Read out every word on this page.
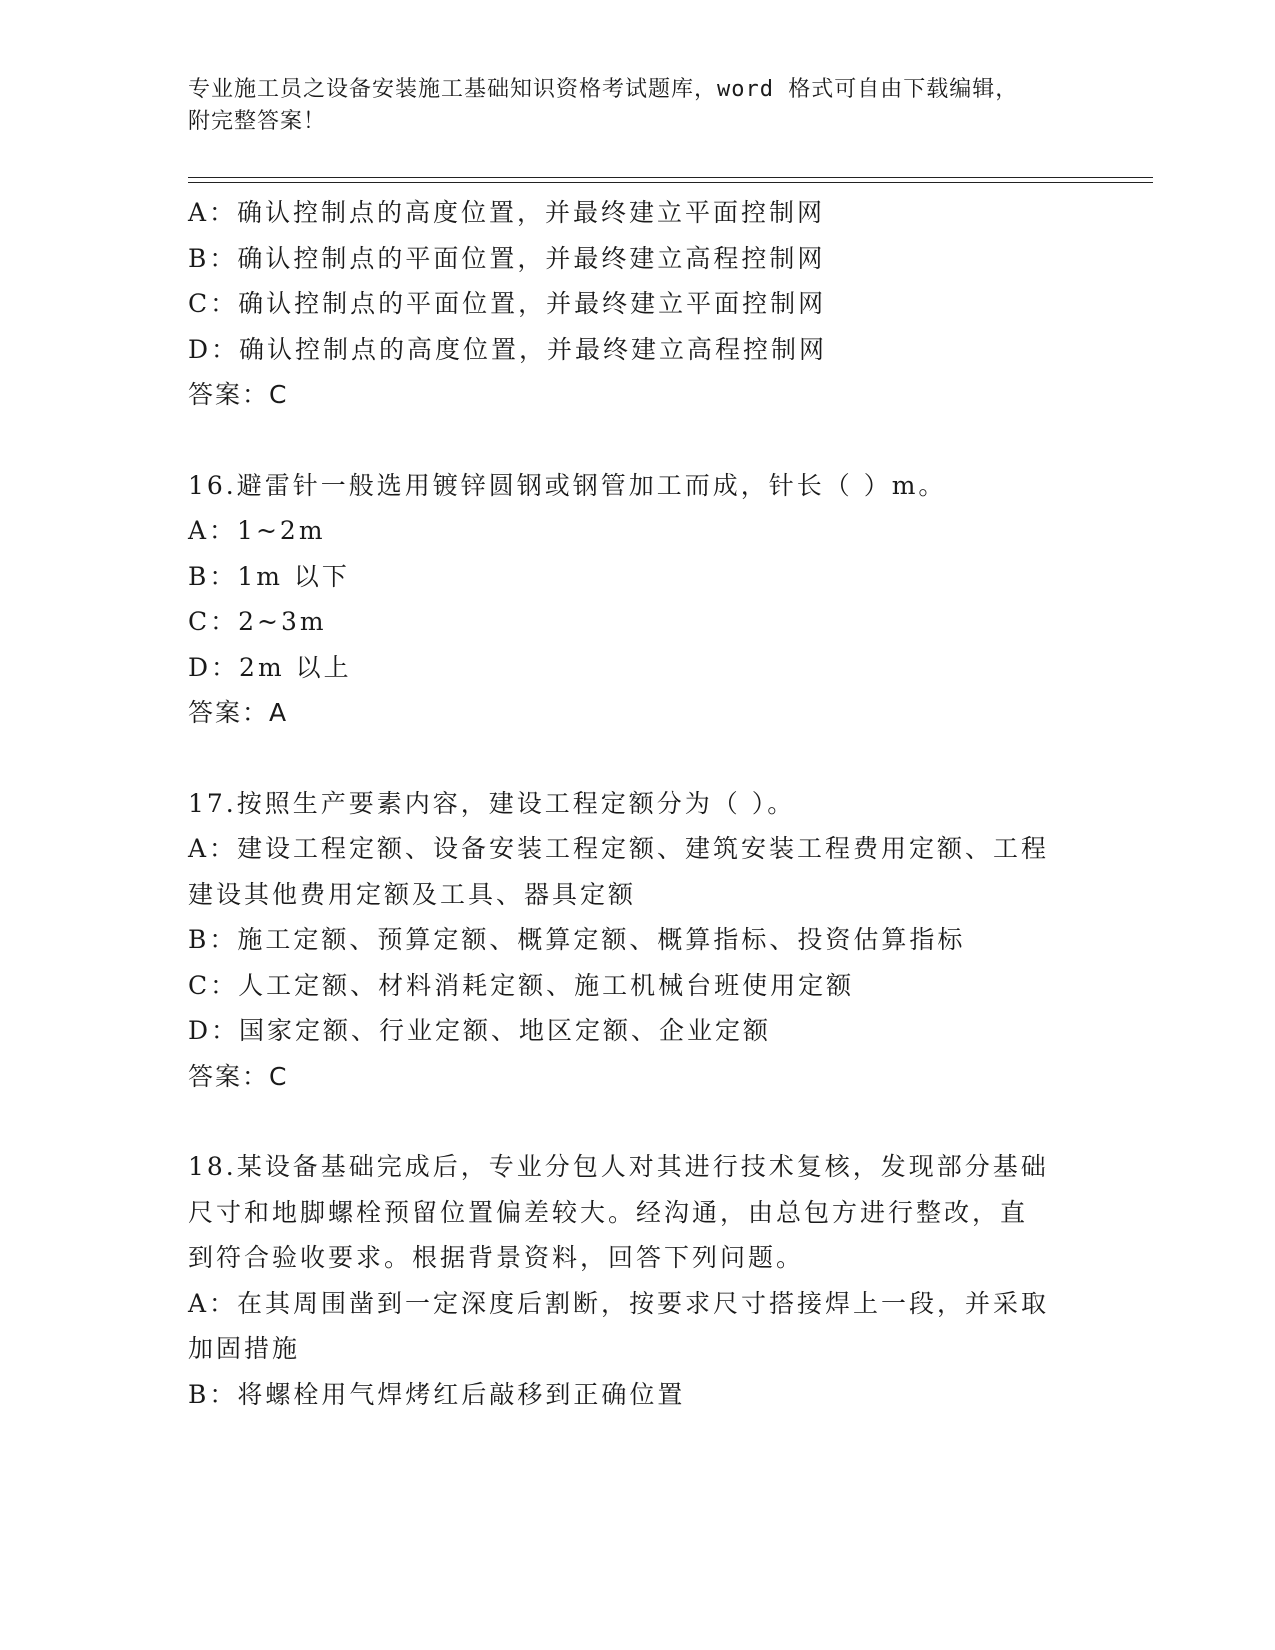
专业施工员之设备安装施工基础知识资格考试题库，word 格式可自由下载编辑，
附完整答案！
A：确认控制点的高度位置，并最终建立平面控制网
B：确认控制点的平面位置，并最终建立高程控制网
C：确认控制点的平面位置，并最终建立平面控制网
D：确认控制点的高度位置，并最终建立高程控制网
答案：C
16.避雷针一般选用镀锌圆钢或钢管加工而成，针长（ ）m。
A：1~2m
B：1m 以下
C：2~3m
D：2m 以上
答案：A
17.按照生产要素内容，建设工程定额分为（ ）。
A：建设工程定额、设备安装工程定额、建筑安装工程费用定额、工程
建设其他费用定额及工具、器具定额
B：施工定额、预算定额、概算定额、概算指标、投资估算指标
C：人工定额、材料消耗定额、施工机械台班使用定额
D：国家定额、行业定额、地区定额、企业定额
答案：C
18.某设备基础完成后，专业分包人对其进行技术复核，发现部分基础
尺寸和地脚螺栓预留位置偏差较大。经沟通，由总包方进行整改，直
到符合验收要求。根据背景资料，回答下列问题。
A：在其周围凿到一定深度后割断，按要求尺寸搭接焊上一段，并采取
加固措施
B：将螺栓用气焊烤红后敲移到正确位置
